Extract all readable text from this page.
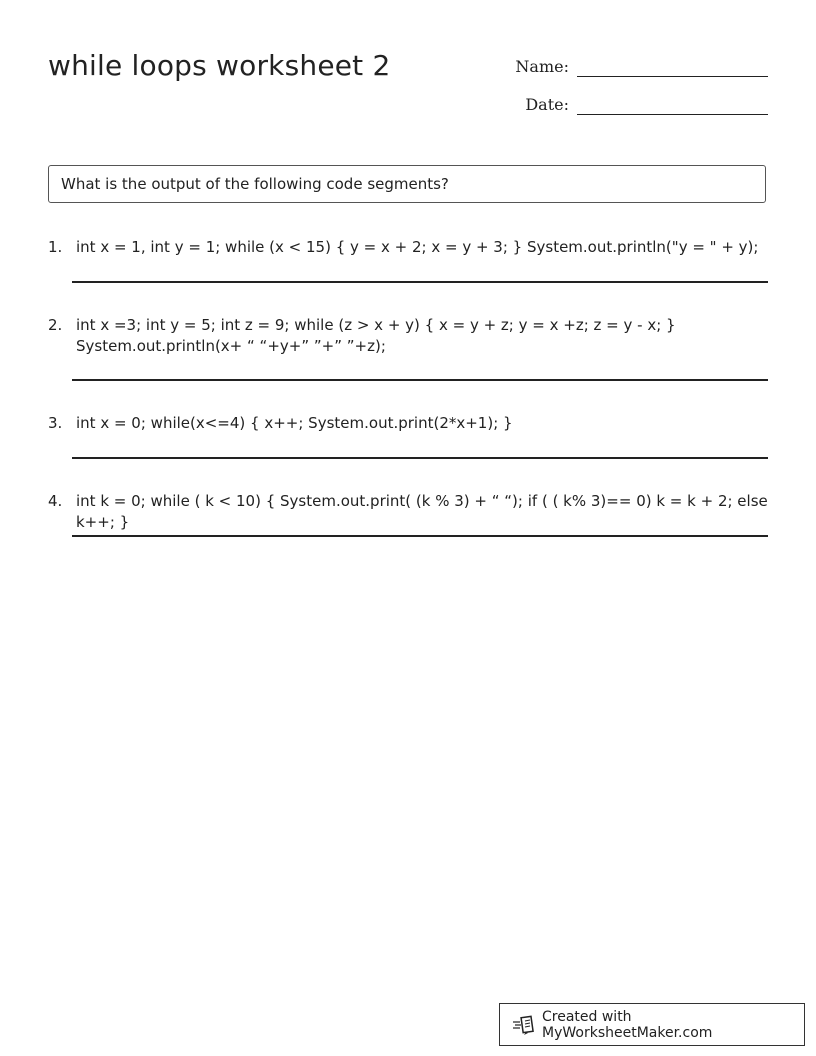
while loops worksheet 2	Name:
Date:
What is the output of the following code segments?
1. int x = 1, int y = 1; while (x < 15) { y = x + 2; x = y + 3; } System.out.println("y = " + y);
2. int x =3; int y = 5; int z = 9; while (z > x + y) { x = y + z; y = x +z; z = y - x; } System.out.println(x+ “ “+y+” ”+” ”+z);
3. int x = 0; while(x<=4) { x++; System.out.print(2*x+1); }
4. int k = 0; while ( k < 10) { System.out.print( (k % 3) + “ “); if ( ( k% 3)== 0) k = k + 2; else k++; }
Created with MyWorksheetMaker.com
